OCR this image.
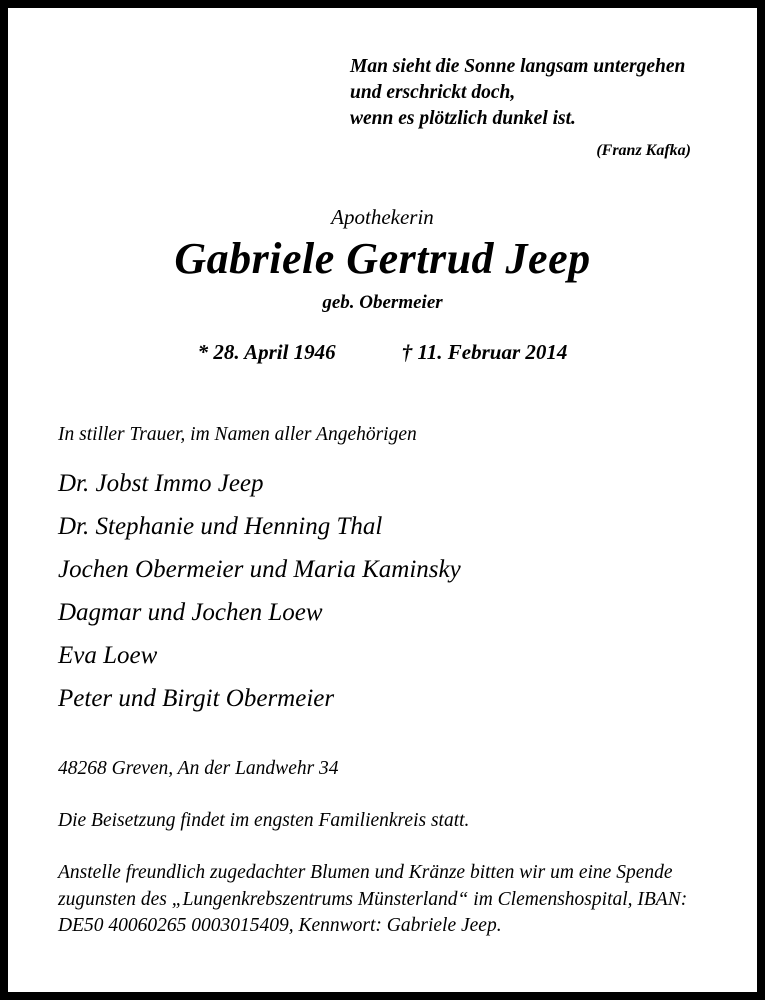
Man sieht die Sonne langsam untergehen
und erschrickt doch,
wenn es plötzlich dunkel ist.
(Franz Kafka)
Apothekerin
Gabriele Gertrud Jeep
geb. Obermeier
* 28. April 1946	† 11. Februar 2014
In stiller Trauer, im Namen aller Angehörigen
Dr. Jobst Immo Jeep
Dr. Stephanie und Henning Thal
Jochen Obermeier und Maria Kaminsky
Dagmar und Jochen Loew
Eva Loew
Peter und Birgit Obermeier
48268 Greven, An der Landwehr 34
Die Beisetzung findet im engsten Familienkreis statt.
Anstelle freundlich zugedachter Blumen und Kränze bitten wir um eine Spende zugunsten des „Lungenkrebszentrums Münsterland“ im Clemenshospital, IBAN: DE50 40060265 0003015409, Kennwort: Gabriele Jeep.
